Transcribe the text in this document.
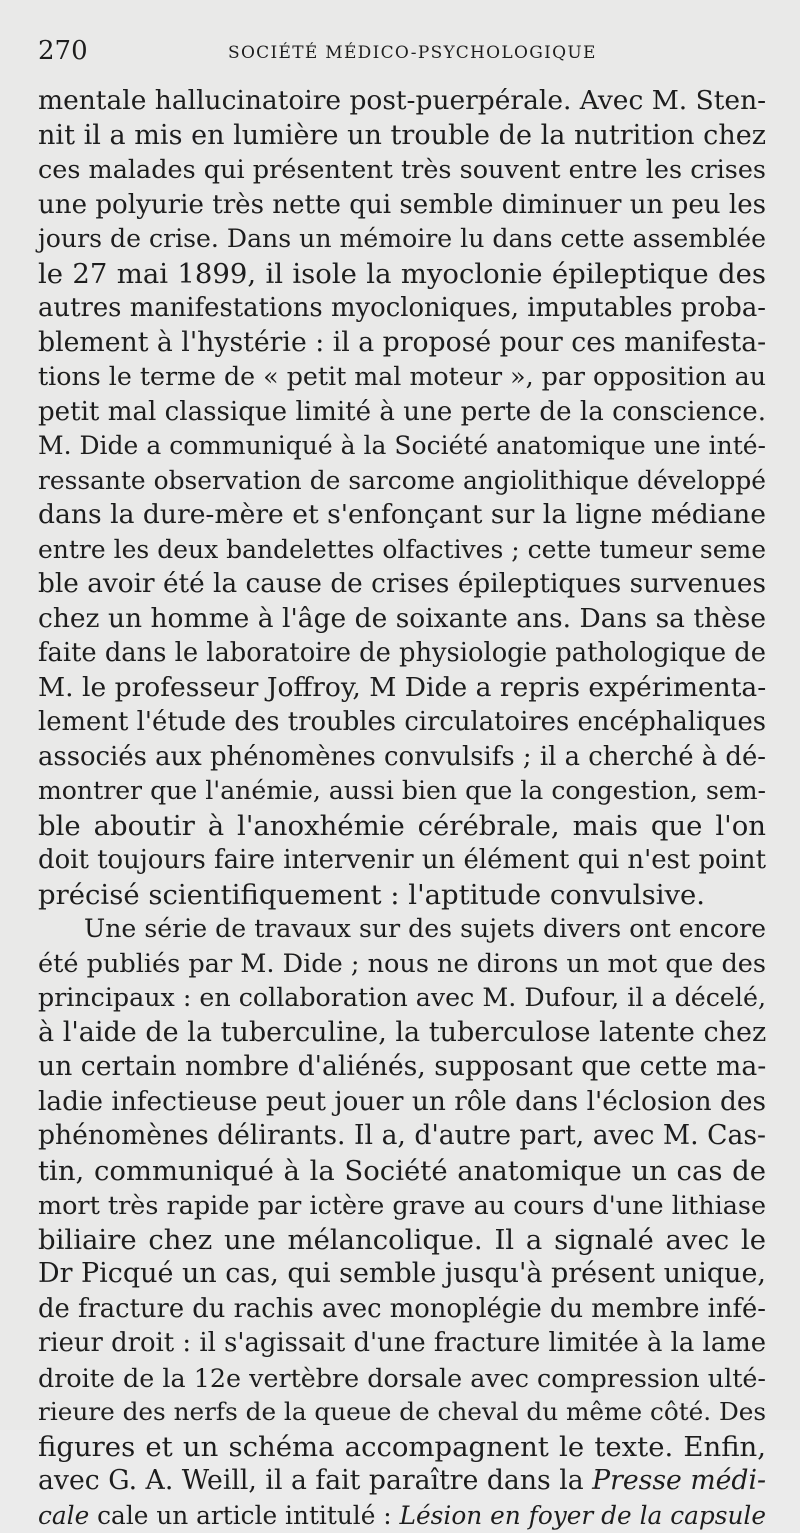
270	SOCIÉTÉ MÉDICO-PSYCHOLOGIQUE
mentale hallucinatoire post-puerpérale. Avec M. Sten-
nit il a mis en lumière un trouble de la nutrition chez
ces malades qui présentent très souvent entre les crises
une polyurie très nette qui semble diminuer un peu les
jours de crise. Dans un mémoire lu dans cette assemblée
le 27 mai 1899, il isole la myoclonie épileptique des
autres manifestations myocloniques, imputables proba-
blement à l'hystérie : il a proposé pour ces manifesta-
tions le terme de « petit mal moteur », par opposition au
petit mal classique limité à une perte de la conscience.
M. Dide a communiqué à la Société anatomique une inté-
ressante observation de sarcome angiolithique développé
dans la dure-mère et s'enfonçant sur la ligne médiane
entre les deux bandelettes olfactives ; cette tumeur seme
ble avoir été la cause de crises épileptiques survenues
chez un homme à l'âge de soixante ans. Dans sa thèse
faite dans le laboratoire de physiologie pathologique de
M. le professeur Joffroy, M Dide a repris expérimenta-
lement l'étude des troubles circulatoires encéphaliques
associés aux phénomènes convulsifs ; il a cherché à dé-
montrer que l'anémie, aussi bien que la congestion, sem-
ble aboutir à l'anoxhémie cérébrale, mais que l'on
doit toujours faire intervenir un élément qui n'est point
précisé scientifiquement : l'aptitude convulsive.
Une série de travaux sur des sujets divers ont encore
été publiés par M. Dide ; nous ne dirons un mot que des
principaux : en collaboration avec M. Dufour, il a décelé,
à l'aide de la tuberculine, la tuberculose latente chez
un certain nombre d'aliénés, supposant que cette ma-
ladie infectieuse peut jouer un rôle dans l'éclosion des
phénomènes délirants. Il a, d'autre part, avec M. Cas-
tin, communiqué à la Société anatomique un cas de
mort très rapide par ictère grave au cours d'une lithiase
biliaire chez une mélancolique. Il a signalé avec le
Dr Picqué un cas, qui semble jusqu'à présent unique,
de fracture du rachis avec monoplégie du membre infé-
rieur droit : il s'agissait d'une fracture limitée à la lame
droite de la 12e vertèbre dorsale avec compression ulté-
rieure des nerfs de la queue de cheval du même côté. Des
figures et un schéma accompagnent le texte. Enfin,
avec G. A. Weill, il a fait paraître dans la Presse médi-
cale cale un article intitulé : Lésion en foyer de la capsule
